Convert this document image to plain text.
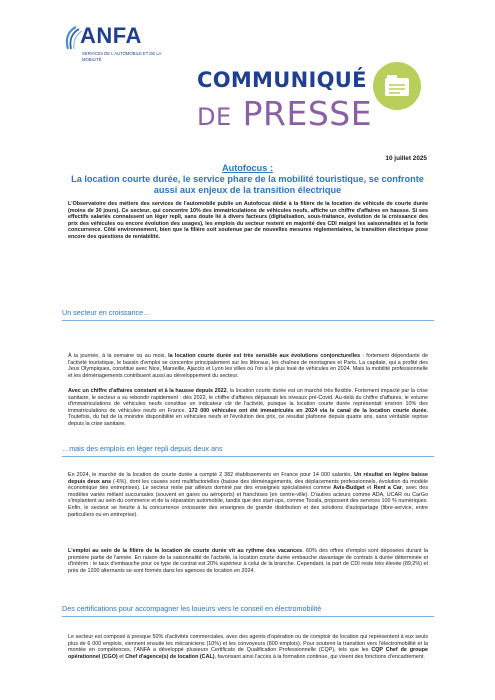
ANFA
SERVICES DE L'AUTOMOBILE ET DE LA MOBILITÉ
COMMUNIQUÉ
DE PRESSE
10 juillet 2025
Autofocus :
La location courte durée, le service phare de la mobilité touristique, se confronte aussi aux enjeux de la transition électrique
L'Observatoire des métiers des services de l'automobile publie un Autofocus dédié à la filière de la location de véhicule de courte durée (moins de 30 jours). Ce secteur, qui concentre 10% des immatriculations de véhicules neufs, affiche un chiffre d'affaires en hausse. Si ses effectifs salariés connaissent un léger repli, sans doute lié à divers facteurs (digitalisation, sous-traitance, évolution de la croissance des prix des véhicules ou encore évolution des usages), les emplois du secteur restent en majorité des CDI malgré les saisonnalités et la forte concurrence. Côté environnement, bien que la filière soit soutenue par de nouvelles mesures réglementaires, la transition électrique pose encore des questions de rentabilité.
Un secteur en croissance…
À la journée, à la semaine ou au mois, la location courte durée est très sensible aux évolutions conjoncturelles : fortement dépendante de l'activité touristique, le bassin d'emploi se concentre principalement sur les littoraux, les chaînes de montagnes et Paris. La capitale, qui a profité des Jeux Olympiques, constitue avec Nice, Marseille, Ajaccio et Lyon les villes où l'on a le plus loué de véhicules en 2024. Mais la mobilité professionnelle et les déménagements contribuent aussi au développement du secteur.
Avec un chiffre d'affaires constant et à la hausse depuis 2022, la location courte durée est un marché très flexible. Fortement impacté par la crise sanitaire, le secteur a su rebondir rapidement : dès 2022, le chiffre d'affaires dépassait les niveaux pré-Covid. Au-delà du chiffre d'affaires, le volume d'immatriculations de véhicules neufs constitue un indicateur clé de l'activité, puisque la location courte durée représentait environ 10% des immatriculations de véhicules neufs en France. 172 000 véhicules ont été immatriculés en 2024 via le canal de la location courte durée. Toutefois, du fait de la moindre disponibilité en véhicules neufs et l'évolution des prix, ce résultat plafonne depuis quatre ans, sans véritable reprise depuis la crise sanitaire.
…mais des emplois en léger repli depuis deux ans
En 2024, le marché de la location de courte durée a compté 2 382 établissements en France pour 14 000 salariés. Un résultat en légère baisse depuis deux ans (-6%), dont les causes sont multifactorielles (baisse des déménagements, des déplacements professionnels, évolution du modèle économique des entreprises). Le secteur reste par ailleurs dominé par des enseignes spécialisées comme Avis-Budget et Rent a Car, avec des modèles variés mêlant succursales (souvent en gares ou aéroports) et franchises (en centre-ville). D'autres acteurs comme ADA, UCAR ou CarGo s'implantent au sein du commerce et de la réparation automobile, tandis que des start-ups, comme Toosla, proposent des services 100 % numériques. Enfin, le secteur se heurte à la concurrence croissante des enseignes de grande distribution et des solutions d'autopartage (libre-service, entre particuliers ou en entreprise).
L'emploi au sein de la filière de la location de courte durée vit au rythme des vacances. 60% des offres d'emploi sont déposées durant la première partie de l'année. En raison de la saisonnalité de l'activité, la location courte durée embauche davantage de contrats à durée déterminée et d'intérim : le taux d'embauche pour ce type de contrat est 20% supérieur à celui de la branche. Cependant, la part de CDI reste très élevée (89,2%) et près de 1200 alternants se sont formés dans les agences de location en 2024.
Des certifications pour accompagner les loueurs vers le conseil en électromobilité
Le secteur est composé à presque 50% d'activités commerciales, avec des agents d'opération ou de comptoir de location qui représentent à eux seuls plus de 6 000 emplois, viennent ensuite les mécaniciens (10%) et les convoyeurs (800 emplois). Pour soutenir la transition vers l'électromobilité et la montée en compétences, l'ANFA a développé plusieurs Certificats de Qualification Professionnelle (CQP), tels que les CQP Chef de groupe opérationnel (CGO) et Chef d'agence(s) de location (CAL), favorisant ainsi l'accès à la formation continue, qui visent des fonctions d'encadrement.
